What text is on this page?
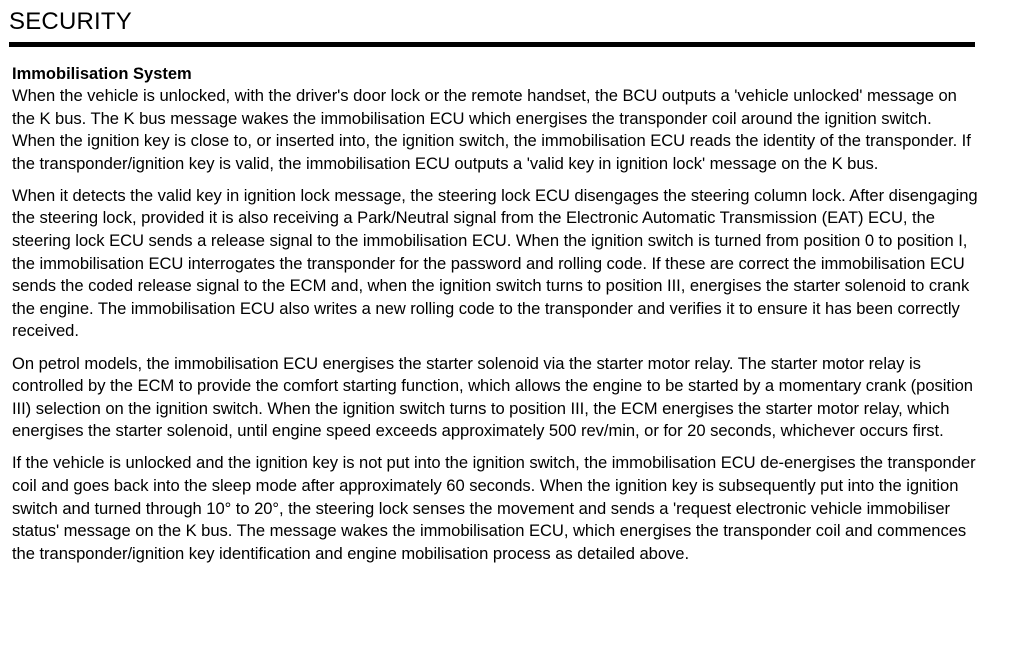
SECURITY
Immobilisation System

When the vehicle is unlocked, with the driver's door lock or the remote handset, the BCU outputs a 'vehicle unlocked' message on the K bus. The K bus message wakes the immobilisation ECU which energises the transponder coil around the ignition switch. When the ignition key is close to, or inserted into, the ignition switch, the immobilisation ECU reads the identity of the transponder. If the transponder/ignition key is valid, the immobilisation ECU outputs a 'valid key in ignition lock' message on the K bus.

When it detects the valid key in ignition lock message, the steering lock ECU disengages the steering column lock. After disengaging the steering lock, provided it is also receiving a Park/Neutral signal from the Electronic Automatic Transmission (EAT) ECU, the steering lock ECU sends a release signal to the immobilisation ECU. When the ignition switch is turned from position 0 to position I, the immobilisation ECU interrogates the transponder for the password and rolling code. If these are correct the immobilisation ECU sends the coded release signal to the ECM and, when the ignition switch turns to position III, energises the starter solenoid to crank the engine. The immobilisation ECU also writes a new rolling code to the transponder and verifies it to ensure it has been correctly received.

On petrol models, the immobilisation ECU energises the starter solenoid via the starter motor relay. The starter motor relay is controlled by the ECM to provide the comfort starting function, which allows the engine to be started by a momentary crank (position III) selection on the ignition switch. When the ignition switch turns to position III, the ECM energises the starter motor relay, which energises the starter solenoid, until engine speed exceeds approximately 500 rev/min, or for 20 seconds, whichever occurs first.

If the vehicle is unlocked and the ignition key is not put into the ignition switch, the immobilisation ECU de-energises the transponder coil and goes back into the sleep mode after approximately 60 seconds. When the ignition key is subsequently put into the ignition switch and turned through 10° to 20°, the steering lock senses the movement and sends a 'request electronic vehicle immobiliser status' message on the K bus. The message wakes the immobilisation ECU, which energises the transponder coil and commences the transponder/ignition key identification and engine mobilisation process as detailed above.
